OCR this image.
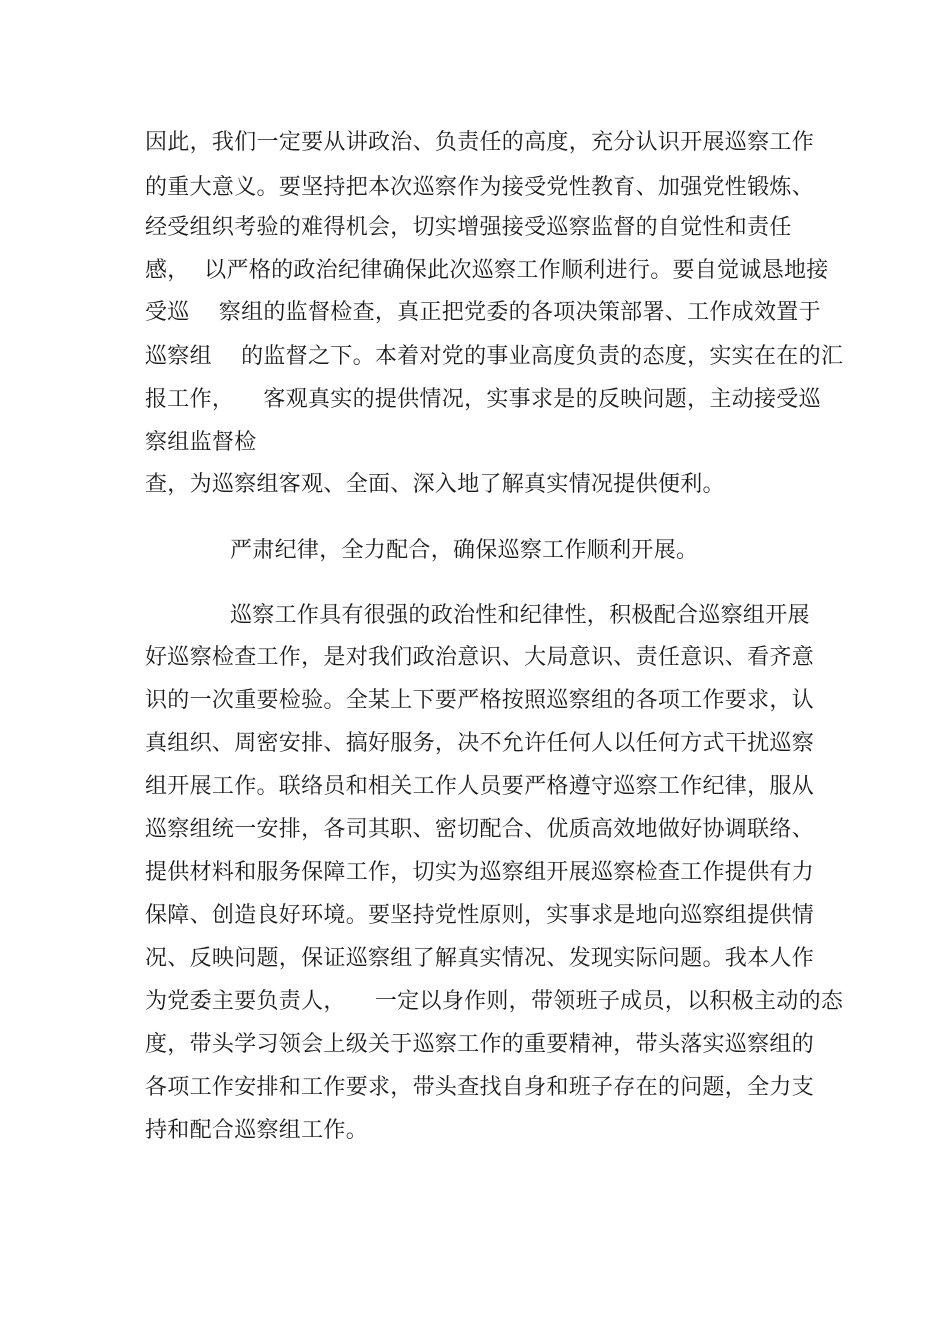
因此，我们一定要从讲政治、负责任的高度，充分认识开展巡察工作
的重大意义。要坚持把本次巡察作为接受党性教育、加强党性锻炼、
经受组织考验的难得机会，切实增强接受巡察监督的自觉性和责任
感，  以严格的政治纪律确保此次巡察工作顺利进行。要自觉诚恳地接
受巡    察组的监督检查，真正把党委的各项决策部署、工作成效置于
巡察组    的监督之下。本着对党的事业高度负责的态度，实实在在的汇
报工作，    客观真实的提供情况，实事求是的反映问题，主动接受巡
察组监督检
查，为巡察组客观、全面、深入地了解真实情况提供便利。
严肃纪律，全力配合，确保巡察工作顺利开展。
巡察工作具有很强的政治性和纪律性，积极配合巡察组开展
好巡察检查工作，是对我们政治意识、大局意识、责任意识、看齐意
识的一次重要检验。全某上下要严格按照巡察组的各项工作要求，认
真组织、周密安排、搞好服务，决不允许任何人以任何方式干扰巡察
组开展工作。联络员和相关工作人员要严格遵守巡察工作纪律，服从
巡察组统一安排，各司其职、密切配合、优质高效地做好协调联络、
提供材料和服务保障工作，切实为巡察组开展巡察检查工作提供有力
保障、创造良好环境。要坚持党性原则，实事求是地向巡察组提供情
况、反映问题，保证巡察组了解真实情况、发现实际问题。我本人作
为党委主要负责人，    一定以身作则，带领班子成员，以积极主动的态
度，带头学习领会上级关于巡察工作的重要精神，带头落实巡察组的
各项工作安排和工作要求，带头查找自身和班子存在的问题，全力支
持和配合巡察组工作。
